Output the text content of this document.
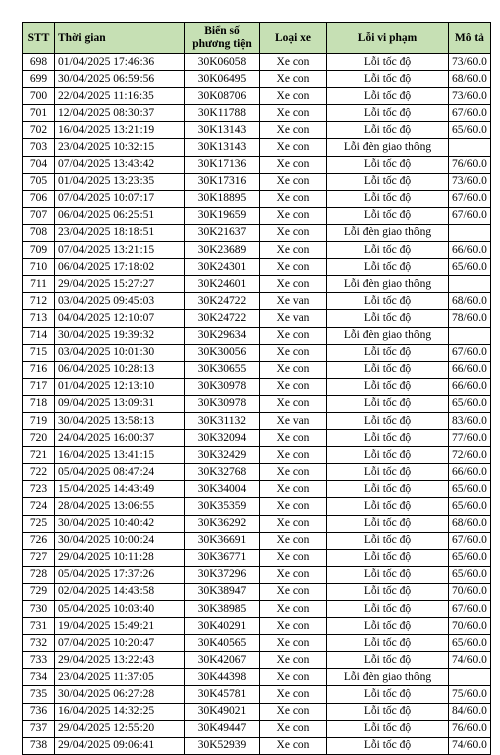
STT	Thời gian	Biển số phương tiện	Loại xe	Lỗi vi phạm	Mô tả
698	01/04/2025 17:46:36	30K06058	Xe con	Lỗi tốc độ	73/60.0
699	30/04/2025 06:59:56	30K06495	Xe con	Lỗi tốc độ	68/60.0
700	22/04/2025 11:16:35	30K08706	Xe con	Lỗi tốc độ	73/60.0
701	12/04/2025 08:30:37	30K11788	Xe con	Lỗi tốc độ	67/60.0
702	16/04/2025 13:21:19	30K13143	Xe con	Lỗi tốc độ	65/60.0
703	23/04/2025 10:32:15	30K13143	Xe con	Lỗi đèn giao thông	
704	07/04/2025 13:43:42	30K17136	Xe con	Lỗi tốc độ	76/60.0
705	01/04/2025 13:23:35	30K17316	Xe con	Lỗi tốc độ	73/60.0
706	07/04/2025 10:07:17	30K18895	Xe con	Lỗi tốc độ	67/60.0
707	06/04/2025 06:25:51	30K19659	Xe con	Lỗi tốc độ	67/60.0
708	23/04/2025 18:18:51	30K21637	Xe con	Lỗi đèn giao thông	
709	07/04/2025 13:21:15	30K23689	Xe con	Lỗi tốc độ	66/60.0
710	06/04/2025 17:18:02	30K24301	Xe con	Lỗi tốc độ	65/60.0
711	29/04/2025 15:27:27	30K24601	Xe con	Lỗi đèn giao thông	
712	03/04/2025 09:45:03	30K24722	Xe van	Lỗi tốc độ	68/60.0
713	04/04/2025 12:10:07	30K24722	Xe van	Lỗi tốc độ	78/60.0
714	30/04/2025 19:39:32	30K29634	Xe con	Lỗi đèn giao thông	
715	03/04/2025 10:01:30	30K30056	Xe con	Lỗi tốc độ	67/60.0
716	06/04/2025 10:28:13	30K30655	Xe con	Lỗi tốc độ	66/60.0
717	01/04/2025 12:13:10	30K30978	Xe con	Lỗi tốc độ	66/60.0
718	09/04/2025 13:09:31	30K30978	Xe con	Lỗi tốc độ	65/60.0
719	30/04/2025 13:58:13	30K31132	Xe van	Lỗi tốc độ	83/60.0
720	24/04/2025 16:00:37	30K32094	Xe con	Lỗi tốc độ	77/60.0
721	16/04/2025 13:41:15	30K32429	Xe con	Lỗi tốc độ	72/60.0
722	05/04/2025 08:47:24	30K32768	Xe con	Lỗi tốc độ	66/60.0
723	15/04/2025 14:43:49	30K34004	Xe con	Lỗi tốc độ	65/60.0
724	28/04/2025 13:06:55	30K35359	Xe con	Lỗi tốc độ	65/60.0
725	30/04/2025 10:40:42	30K36292	Xe con	Lỗi tốc độ	68/60.0
726	30/04/2025 10:00:24	30K36691	Xe con	Lỗi tốc độ	67/60.0
727	29/04/2025 10:11:28	30K36771	Xe con	Lỗi tốc độ	65/60.0
728	05/04/2025 17:37:26	30K37296	Xe con	Lỗi tốc độ	65/60.0
729	02/04/2025 14:43:58	30K38947	Xe con	Lỗi tốc độ	70/60.0
730	05/04/2025 10:03:40	30K38985	Xe con	Lỗi tốc độ	67/60.0
731	19/04/2025 15:49:21	30K40291	Xe con	Lỗi tốc độ	70/60.0
732	07/04/2025 10:20:47	30K40565	Xe con	Lỗi tốc độ	65/60.0
733	29/04/2025 13:22:43	30K42067	Xe con	Lỗi tốc độ	74/60.0
734	23/04/2025 11:37:05	30K44398	Xe con	Lỗi đèn giao thông	
735	30/04/2025 06:27:28	30K45781	Xe con	Lỗi tốc độ	75/60.0
736	16/04/2025 14:32:25	30K49021	Xe con	Lỗi tốc độ	84/60.0
737	29/04/2025 12:55:20	30K49447	Xe con	Lỗi tốc độ	76/60.0
738	29/04/2025 09:06:41	30K52939	Xe con	Lỗi tốc độ	74/60.0
